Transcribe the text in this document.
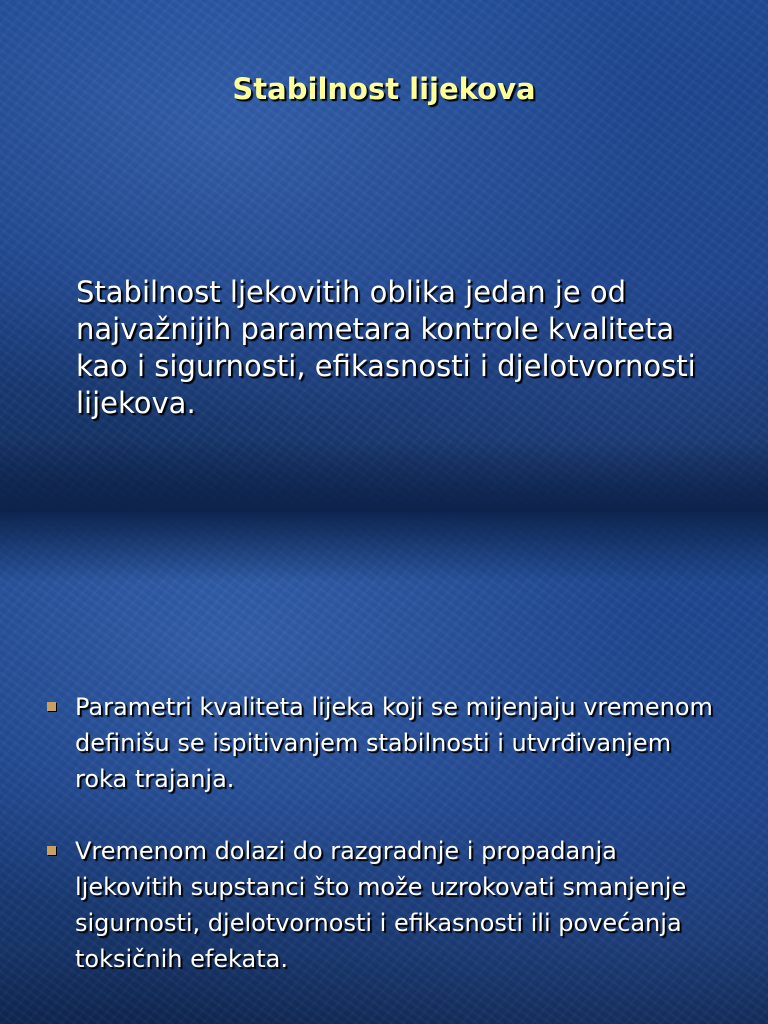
Stabilnost lijekova

Stabilnost ljekovitih oblika jedan je od najvažnijih parametara kontrole kvaliteta kao i sigurnosti, efikasnosti i djelotvornosti lijekova.

Parametri kvaliteta lijeka koji se mijenjaju vremenom definišu se ispitivanjem stabilnosti i utvrđivanjem roka trajanja.
Vremenom dolazi do razgradnje i propadanja ljekovitih supstanci što može uzrokovati smanjenje sigurnosti, djelotvornosti i efikasnosti ili povećanja toksičnih efekata.
